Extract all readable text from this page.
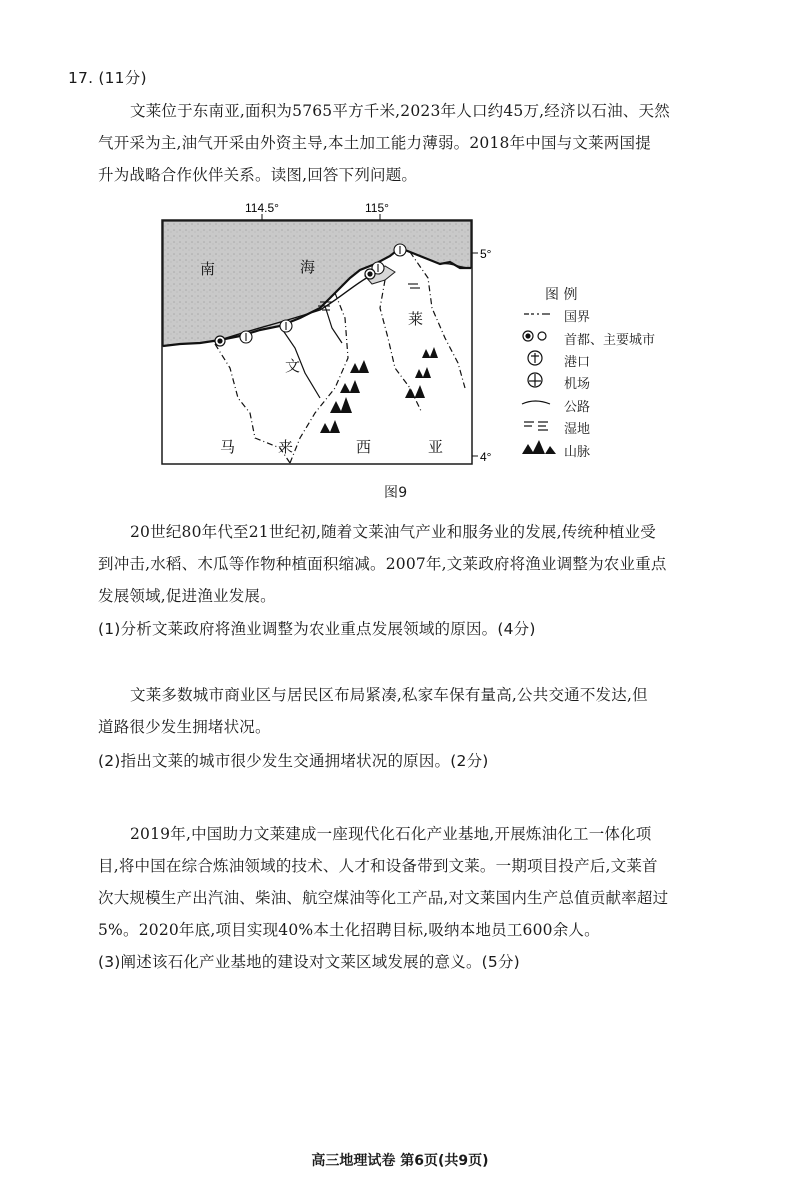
17. (11分)
文莱位于东南亚,面积为5765平方千米,2023年人口约45万,经济以石油、天然
气开采为主,油气开采由外资主导,本土加工能力薄弱。2018年中国与文莱两国提
升为战略合作伙伴关系。读图,回答下列问题。
114.5°	115°
5°
4°
南	海
文
莱
马	来	西	亚
图 例
国界
首都、主要城市
港口
机场
公路
湿地
山脉
图9
20世纪80年代至21世纪初,随着文莱油气产业和服务业的发展,传统种植业受
到冲击,水稻、木瓜等作物种植面积缩减。2007年,文莱政府将渔业调整为农业重点
发展领域,促进渔业发展。
(1)分析文莱政府将渔业调整为农业重点发展领域的原因。(4分)
文莱多数城市商业区与居民区布局紧凑,私家车保有量高,公共交通不发达,但
道路很少发生拥堵状况。
(2)指出文莱的城市很少发生交通拥堵状况的原因。(2分)
2019年,中国助力文莱建成一座现代化石化产业基地,开展炼油化工一体化项
目,将中国在综合炼油领域的技术、人才和设备带到文莱。一期项目投产后,文莱首
次大规模生产出汽油、柴油、航空煤油等化工产品,对文莱国内生产总值贡献率超过
5%。2020年底,项目实现40%本土化招聘目标,吸纳本地员工600余人。
(3)阐述该石化产业基地的建设对文莱区域发展的意义。(5分)
高三地理试卷 第6页(共9页)
